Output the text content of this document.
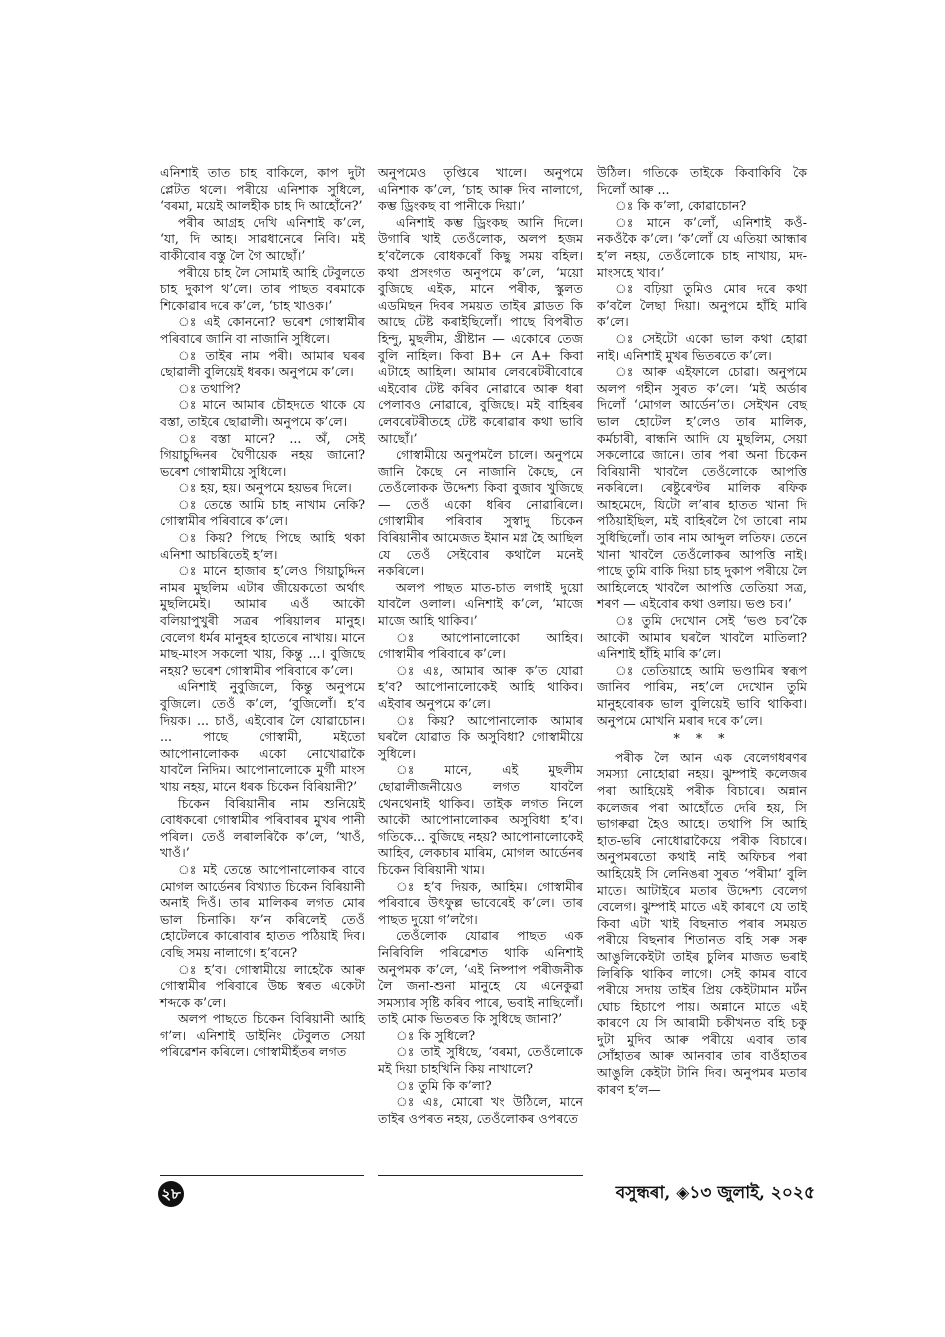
এনিশাই তাত চাহ বাকিলে, কাপ দুটা প্লেটত থলে। পৰীয়ে এনিশাক সুধিলে, ‘বৰমা, ময়েই আলহীক চাহ দি আহোঁনে?’

পৰীৰ আগ্ৰহ দেখি এনিশাই ক’লে, ‘যা, দি আহ। সাৱধানেৰে নিবি। মই বাকীবোৰ বস্তু লৈ গৈ আছোঁ।’

পৰীয়ে চাহ লৈ সোমাই আহি টেবুলতে চাহ দুকাপ থ’লে। তাৰ পাছত বৰমাকে শিকোৱাৰ দৰে ক’লে, ‘চাহ খাওক।’

ঃ এই কোননো? ভৰেশ গোস্বামীৰ পৰিবাৰে জানি বা নাজানি সুধিলে।

ঃ তাইৰ নাম পৰী। আমাৰ ঘৰৰ ছোৱালী বুলিয়েই ধৰক। অনুপমে ক’লে।

ঃ তথাপি?

ঃ মানে আমাৰ চৌহদতে থাকে যে বস্তা, তাইৰে ছোৱালী। অনুপমে ক’লে।

ঃ বস্তা মানে? ... অঁ, সেই গিয়াচুদ্দিনৰ ঘৈণীয়েক নহয় জানো? ভৰেশ গোস্বামীয়ে সুধিলে।

ঃ হয়, হয়। অনুপমে হয়ভৰ দিলে।

ঃ তেন্তে আমি চাহ নাখাম নেকি? গোস্বামীৰ পৰিবাৰে ক’লে।

ঃ কিয়? পিছে পিছে আহি থকা এনিশা আচৰিতেই হ’ল।

ঃ মানে হাজাৰ হ’লেও গিয়াচুদ্দিন নামৰ মুছলিম এটাৰ জীয়েকতো অৰ্থাৎ মুছলিমেই। আমাৰ এওঁ আকৌ বলিয়াপুখুৰী সত্ৰৰ পৰিয়ালৰ মানুহ। বেলেগ ধৰ্মৰ মানুহৰ হাতেৰে নাখায়। মানে মাছ-মাংস সকলো খায়, কিন্তু ...। বুজিছে নহয়? ভৰেশ গোস্বামীৰ পৰিবাৰে ক’লে।

এনিশাই নুবুজিলে, কিন্তু অনুপমে বুজিলে। তেওঁ ক’লে, ‘বুজিলোঁ। হ’ব দিয়ক। ... চাওঁ, এইবোৰ লৈ যোৱাচোন। ... পাছে গোস্বামী, মইতো আপোনালোকক একো নোখোৱাকৈ যাবলৈ নিদিম। আপোনালোকে মুৰ্গী মাংস খায় নহয়, মানে ধৰক চিকেন বিৰিয়ানী?’

চিকেন বিৰিয়ানীৰ নাম শুনিয়েই বোধকৰো গোস্বামীৰ পৰিবাৰৰ মুখৰ পানী পৰিল। তেওঁ লৰালৰিকৈ ক’লে, ‘খাওঁ, খাওঁ।’

ঃ মই তেন্তে আপোনালোকৰ বাবে মোগল আৰ্ডেনৰ বিখ্যাত চিকেন বিৰিয়ানী অনাই দিওঁ। তাৰ মালিকৰ লগত মোৰ ভাল চিনাকি। ফ’ন কৰিলেই তেওঁ হোটেলৰে কাৰোবাৰ হাতত পঠিয়াই দিব। বেছি সময় নালাগে। হ’বনে?

ঃ হ’ব। গোস্বামীয়ে লাহেকৈ আৰু গোস্বামীৰ পৰিবাৰে উচ্চ স্বৰত একেটা শব্দকে ক’লে।

অলপ পাছতে চিকেন বিৰিয়ানী আহি গ’ল। এনিশাই ডাইনিং টেবুলত সেয়া পৰিৱেশন কৰিলে। গোস্বামীহঁতৰ লগত

অনুপমেও তৃপ্তিৰে খালে। অনুপমে এনিশাক ক’লে, ‘চাহ আৰু দিব নালাগে, কম্ভ ড্ৰিংকছ বা পানীকে দিয়া।’

এনিশাই কম্ভ ড্ৰিংকছ আনি দিলে। উগাৰি খাই তেওঁলোক, অলপ হজম হ’বলৈকে বোধকৰোঁ কিছু সময় বহিল। কথা প্ৰসংগত অনুপমে ক’লে, ‘ময়ো বুজিছে এইক, মানে পৰীক, স্কুলত এডমিছন দিবৰ সময়ত তাইৰ ব্লাডত কি আছে টেষ্ট কৰাইছিলোঁ। পাছে বিপৰীত হিন্দু, মুছলীম, খ্ৰীষ্টান — একোৰে তেজ বুলি নাহিল। কিবা B+ নে A+ কিবা এটাহে আহিল। আমাৰ লেবৰেটৰীবোৰে এইবোৰ টেষ্ট কৰিব নোৱাৰে আৰু ধৰা পেলাবও নোৱাৰে, বুজিছে। মই বাহিৰৰ লেবৰেটৰীতহে টেষ্ট কৰোৱাৰ কথা ভাবি আছোঁ।’

গোস্বামীয়ে অনুপমলৈ চালে। অনুপমে জানি কৈছে নে নাজানি কৈছে, নে তেওঁলোকক উদ্দেশ্য কিবা বুজাব খুজিছে — তেওঁ একো ধৰিব নোৱাৰিলে। গোস্বামীৰ পৰিবাৰ সুস্বাদু চিকেন বিৰিয়ানীৰ আমেজত ইমান মগ্ন হৈ আছিল যে তেওঁ সেইবোৰ কথালৈ মনেই নকৰিলে।

অলপ পাছত মাত-চাত লগাই দুয়ো যাবলৈ ওলাল। এনিশাই ক’লে, ‘মাজে মাজে আহি থাকিব।’

ঃ আপোনালোকো আহিব। গোস্বামীৰ পৰিবাৰে ক’লে।

ঃ এঃ, আমাৰ আৰু ক’ত যোৱা হ’ব? আপোনালোকেই আহি থাকিব। এইবাৰ অনুপমে ক’লে।

ঃ কিয়? আপোনালোক আমাৰ ঘৰলৈ যোৱাত কি অসুবিধা? গোস্বামীয়ে সুধিলে।

ঃ মানে, এই মুছলীম ছোৱালীজনীয়েও লগত যাবলৈ থেনথেনাই থাকিব। তাইক লগত নিলে আকৌ আপোনালোকৰ অসুবিধা হ’ব। গতিকে... বুজিছে নহয়? আপোনালোকেই আহিব, লেকচাৰ মাৰিম, মোগল আৰ্ডেনৰ চিকেন বিৰিয়ানী খাম।

ঃ হ’ব দিয়ক, আহিম। গোস্বামীৰ পৰিবাৰে উৎফুল্ল ভাবেৰেই ক’লে। তাৰ পাছত দুয়ো গ’লগৈ।

তেওঁলোক যোৱাৰ পাছত এক নিৰিবিলি পৰিৱেশত থাকি এনিশাই অনুপমক ক’লে, ‘এই নিষ্পাপ পৰীজনীক লৈ জনা-শুনা মানুহে যে এনেকুৱা সমস্যাৰ সৃষ্টি কৰিব পাৰে, ভবাই নাছিলোঁ। তাই মোক ভিতৰত কি সুধিছে জানা?’

ঃ কি সুধিলে?

ঃ তাই সুধিছে, ‘বৰমা, তেওঁলোকে মই দিয়া চাহখিনি কিয় নাখালে?

ঃ তুমি কি ক’লা?

ঃ এঃ, মোৰো খং উঠিলে, মানে তাইৰ ওপৰত নহয়, তেওঁলোকৰ ওপৰতে

উঠিল। গতিকে তাইকে কিবাকিবি কৈ দিলোঁ আৰু ...

ঃ কি ক’লা, কোৱাচোন?

ঃ মানে ক’লোঁ, এনিশাই কওঁ-নকওঁকৈ ক’লে। ‘ক’লোঁ যে এতিয়া আন্ধাৰ হ’ল নহয়, তেওঁলোকে চাহ নাখায়, মদ-মাংসহে খাব।’

ঃ বঢ়িয়া তুমিও মোৰ দৰে কথা ক’বলৈ লৈছা দিয়া। অনুপমে হাঁহি মাৰি ক’লে।

ঃ সেইটো একো ভাল কথা হোৱা নাই। এনিশাই মুখৰ ভিতৰতে ক’লে।

ঃ আৰু এইফালে চোৱা। অনুপমে অলপ গহীন সুৰত ক’লে। ‘মই অৰ্ডাৰ দিলোঁ ‘মোগল আৰ্ডেন’ত। সেইখন বেছ ভাল হোটেল হ’লেও তাৰ মালিক, কৰ্মচাৰী, ৰান্ধনি আদি যে মুছলিম, সেয়া সকলোৱে জানে। তাৰ পৰা অনা চিকেন বিৰিয়ানী খাবলৈ তেওঁলোকে আপত্তি নকৰিলে। ৰেষ্টুৰেণ্টৰ মালিক ৰফিক আহমেদে, যিটো ল’ৰাৰ হাতত খানা দি পঠিয়াইছিল, মই বাহিৰলৈ গৈ তাৰো নাম সুধিছিলোঁ। তাৰ নাম আব্দুল লতিফ। তেনে খানা খাবলৈ তেওঁলোকৰ আপত্তি নাই। পাছে তুমি বাকি দিয়া চাহ দুকাপ পৰীয়ে লৈ আহিলেহে খাবলৈ আপত্তি তেতিয়া সত্ৰ, শৰণ — এইবোৰ কথা ওলায়। ভণ্ড চব।’

ঃ তুমি দেখোন সেই ‘ভণ্ড চব’কৈ আকৌ আমাৰ ঘৰলৈ খাবলৈ মাতিলা? এনিশাই হাঁহি মাৰি ক’লে।

ঃ তেতিয়াহে আমি ভণ্ডামিৰ স্বৰূপ জানিব পাৰিম, নহ’লে দেখোন তুমি মানুহবোৰক ভাল বুলিয়েই ভাবি থাকিবা। অনুপমে মোখনি মৰাৰ দৰে ক’লে।

* * *

পৰীক লৈ আন এক বেলেগধৰণৰ সমস্যা নোহোৱা নহয়। ঝুম্পাই কলেজৰ পৰা আহিয়েই পৰীক বিচাৰে। অন্নান কলেজৰ পৰা আহোঁতে দেৰি হয়, সি ভাগৰুৱা হৈও আহে। তথাপি সি আহি হাত-ভৰি নোধোৱাকৈয়ে পৰীক বিচাৰে। অনুপমৰতো কথাই নাই অফিচৰ পৰা আহিয়েই সি লেনিঙৰা সুৰত ‘পৰীমা’ বুলি মাতে। আটাইৰে মতাৰ উদ্দেশ্য বেলেগ বেলেগ। ঝুম্পাই মাতে এই কাৰণে যে তাই কিবা এটা খাই বিছনাত পৰাৰ সময়ত পৰীয়ে বিছনাৰ শিতানত বহি সৰু সৰু আঙুলিকেইটা তাইৰ চুলিৰ মাজত ভৰাই লিৰিকি থাকিব লাগে। সেই কামৰ বাবে পৰীয়ে সদায় তাইৰ প্ৰিয় কেইটামান মৰ্টন ঘোচ হিচাপে পায়। অন্নানে মাতে এই কাৰণে যে সি আৰামী চকীখনত বহি চকু দুটা মুদিব আৰু পৰীয়ে এবাৰ তাৰ সোঁহাতৰ আৰু আনবাৰ তাৰ বাওঁহাতৰ আঙুলি কেইটা টানি দিব। অনুপমৰ মতাৰ কাৰণ হ’ল—

২৮	বসুন্ধৰা, ◈১৩ জুলাই, ২০২৫
